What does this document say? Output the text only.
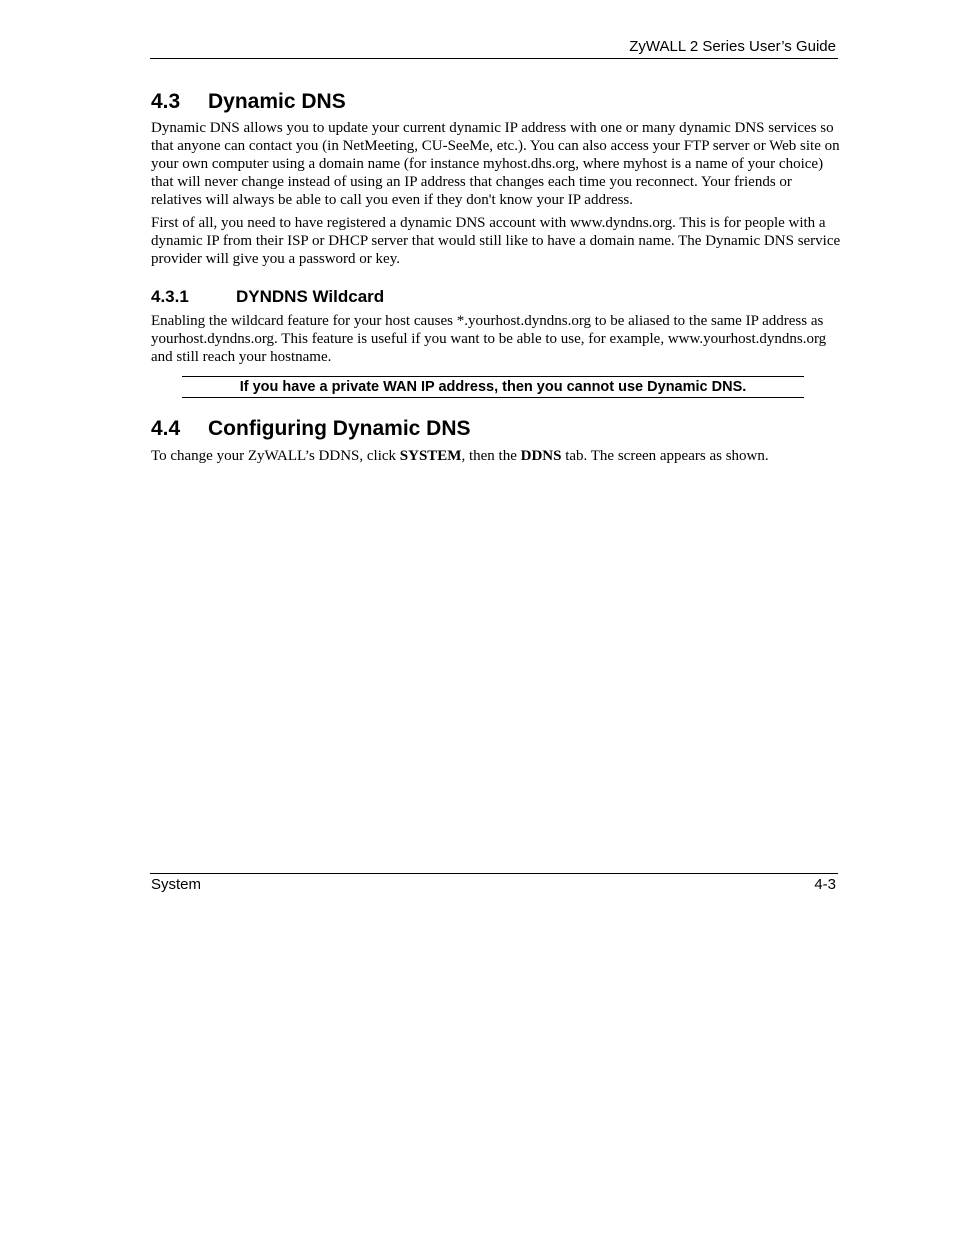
ZyWALL 2 Series User’s Guide
4.3 Dynamic DNS

Dynamic DNS allows you to update your current dynamic IP address with one or many dynamic DNS services so that anyone can contact you (in NetMeeting, CU-SeeMe, etc.). You can also access your FTP server or Web site on your own computer using a domain name (for instance myhost.dhs.org, where myhost is a name of your choice) that will never change instead of using an IP address that changes each time you reconnect. Your friends or relatives will always be able to call you even if they don't know your IP address.

First of all, you need to have registered a dynamic DNS account with www.dyndns.org. This is for people with a dynamic IP from their ISP or DHCP server that would still like to have a domain name. The Dynamic DNS service provider will give you a password or key.

4.3.1	DYNDNS Wildcard

Enabling the wildcard feature for your host causes *.yourhost.dyndns.org to be aliased to the same IP address as yourhost.dyndns.org. This feature is useful if you want to be able to use, for example, www.yourhost.dyndns.org and still reach your hostname.

If you have a private WAN IP address, then you cannot use Dynamic DNS.
4.4 Configuring Dynamic DNS

To change your ZyWALL’s DDNS, click SYSTEM, then the DDNS tab. The screen appears as shown.

System	4-3
